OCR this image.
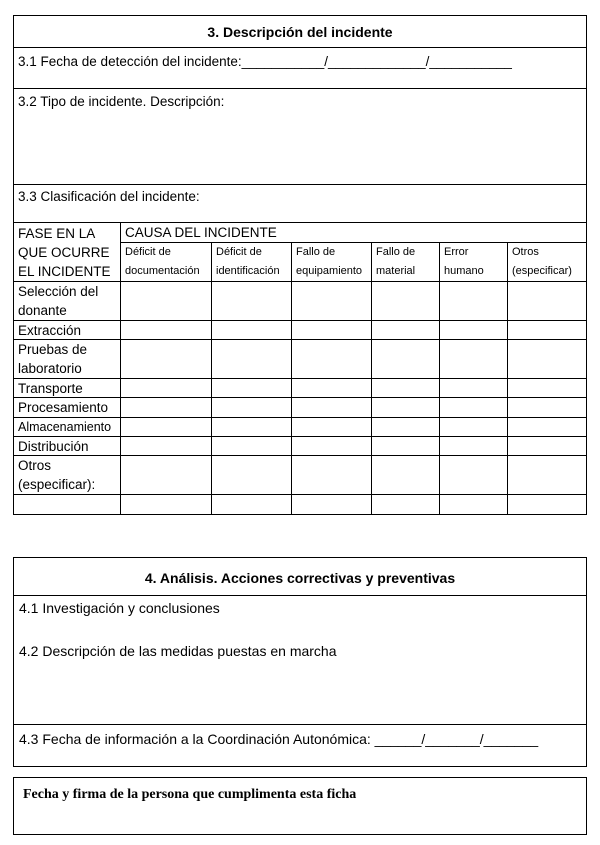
3. Descripción del incidente
3.1 Fecha de detección del incidente:___________/_____________/___________
3.2 Tipo de incidente. Descripción:
3.3 Clasificación del incidente:
FASE EN LA
QUE OCURRE
EL INCIDENTE
CAUSA DEL INCIDENTE
Déficit de
documentación
Déficit de
identificación
Fallo de
equipamiento
Fallo de
material
Error
humano
Otros
(especificar)
Selección del
donante
Extracción
Pruebas de
laboratorio
Transporte
Procesamiento
Almacenamiento
Distribución
Otros
(especificar):
4. Análisis. Acciones correctivas y preventivas
4.1 Investigación y conclusiones
4.2 Descripción de las medidas puestas en marcha
4.3 Fecha de información a la Coordinación Autonómica: ______/_______/_______
Fecha y firma de la persona que cumplimenta esta ficha
